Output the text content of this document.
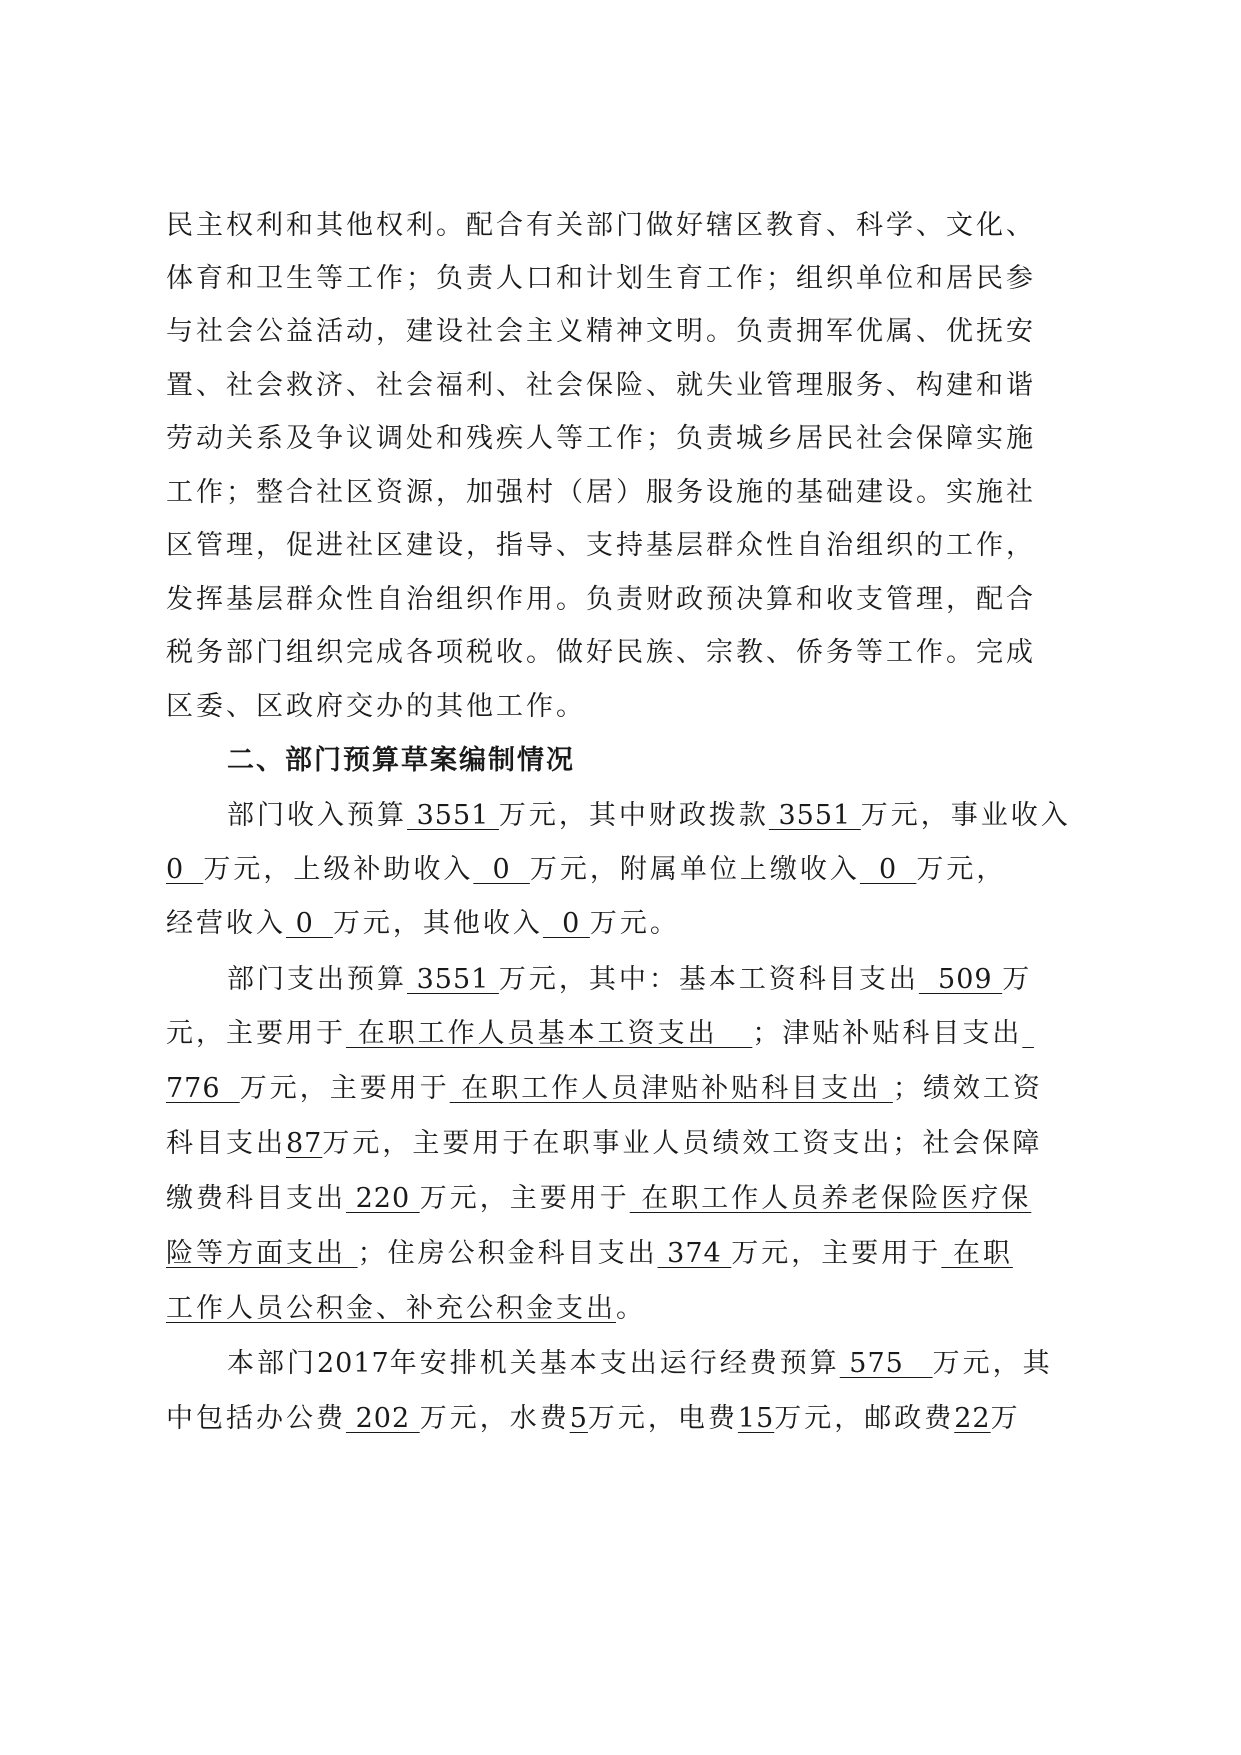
民主权利和其他权利。配合有关部门做好辖区教育、科学、文化、
体育和卫生等工作；负责人口和计划生育工作；组织单位和居民参
与社会公益活动，建设社会主义精神文明。负责拥军优属、优抚安
置、社会救济、社会福利、社会保险、就失业管理服务、构建和谐
劳动关系及争议调处和残疾人等工作；负责城乡居民社会保障实施
工作；整合社区资源，加强村（居）服务设施的基础建设。实施社
区管理，促进社区建设，指导、支持基层群众性自治组织的工作，
发挥基层群众性自治组织作用。负责财政预决算和收支管理，配合
税务部门组织完成各项税收。做好民族、宗教、侨务等工作。完成
区委、区政府交办的其他工作。
二、部门预算草案编制情况
部门收入预算 3551 万元，其中财政拨款 3551 万元，事业收入
0  万元，上级补助收入  0  万元，附属单位上缴收入  0  万元，
经营收入 0  万元，其他收入  0 万元。
部门支出预算 3551 万元，其中：基本工资科目支出  509 万
元，主要用于 在职工作人员基本工资支出   ；津贴补贴科目支出
776  万元，主要用于 在职工作人员津贴补贴科目支出 ；绩效工资
科目支出87万元，主要用于在职事业人员绩效工资支出；社会保障
缴费科目支出 220 万元，主要用于 在职工作人员养老保险医疗保
险等方面支出 ；住房公积金科目支出 374 万元，主要用于 在职
工作人员公积金、补充公积金支出。
本部门2017年安排机关基本支出运行经费预算 575   万元，其
中包括办公费 202 万元，水费5万元，电费15万元，邮政费22万
